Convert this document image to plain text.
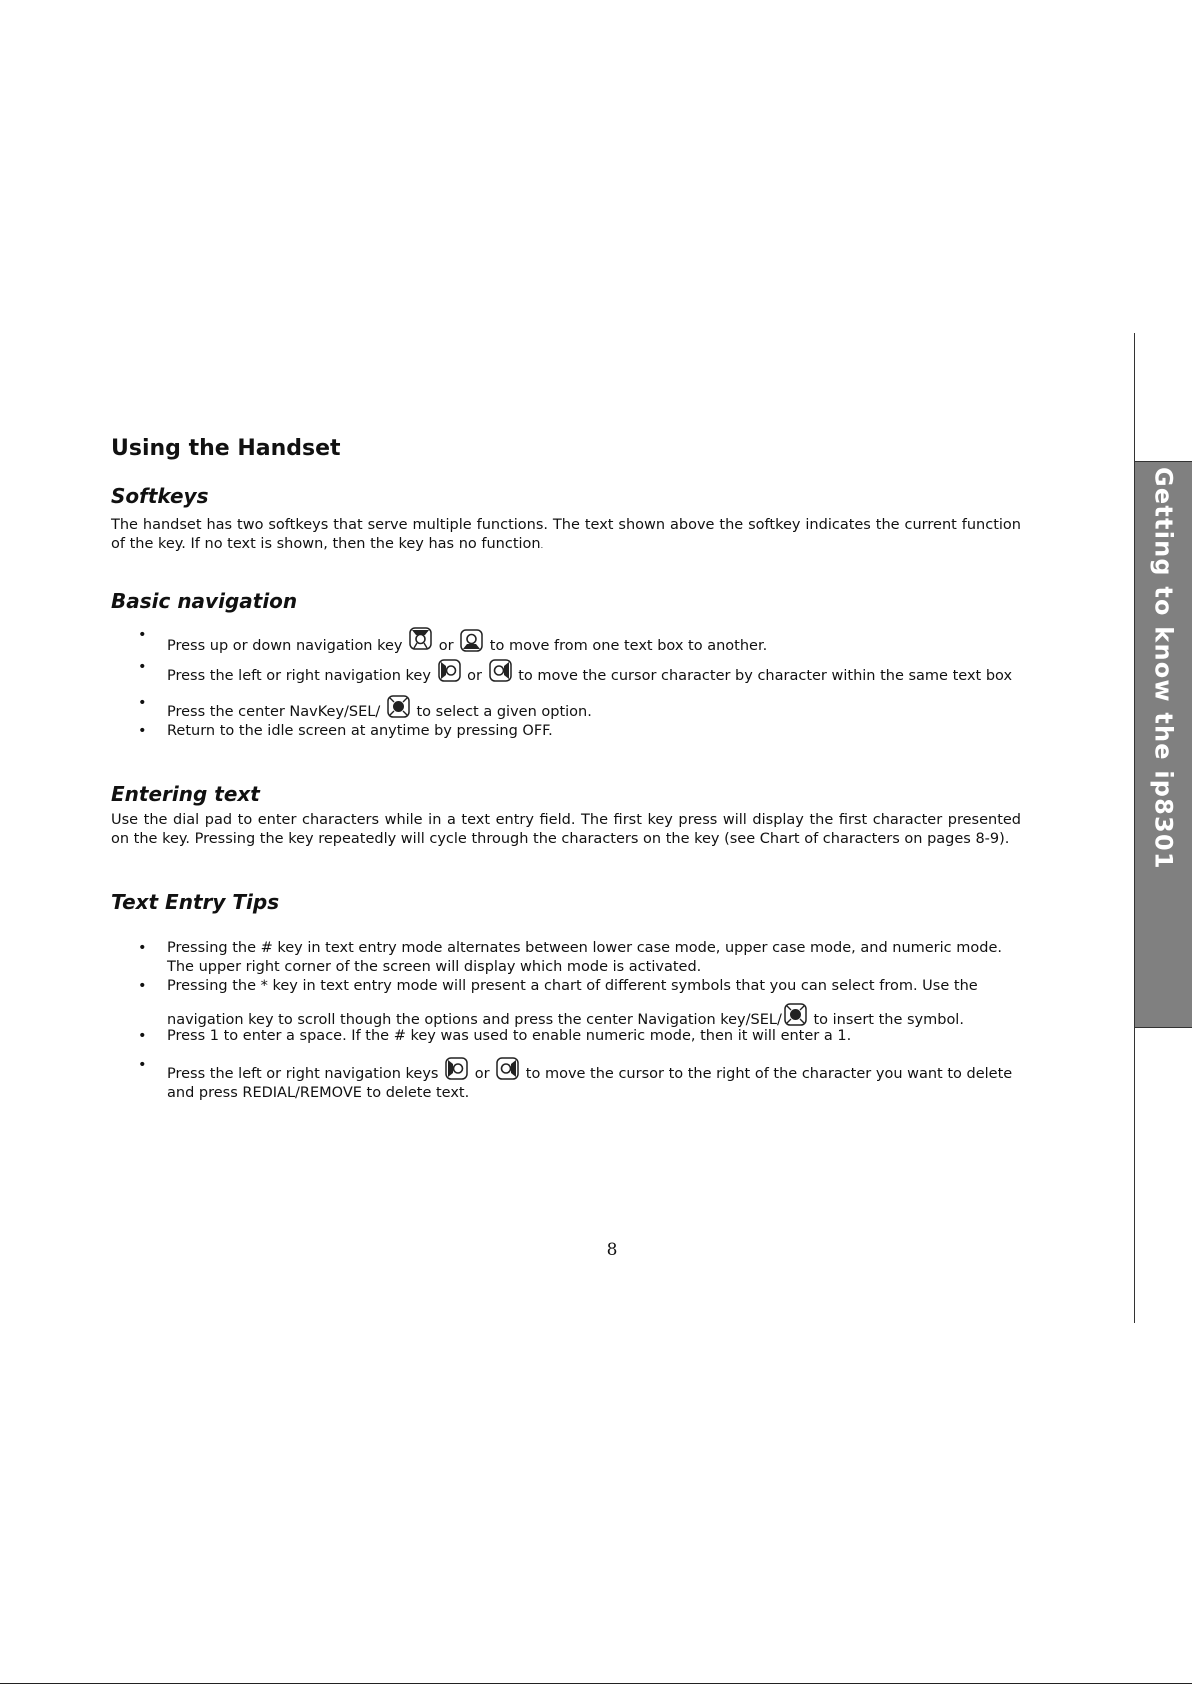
Getting to know the ip8301
Using the Handset
Softkeys

The handset has two softkeys that serve multiple functions. The text shown above the softkey indicates the current function of the key. If no text is shown, then the key has no function.

Basic navigation
•
Press up or down navigation key  or  to move from one text box to another.
•
Press the left or right navigation key  or  to move the cursor character by character within the same text box
•
Press the center NavKey/SEL/  to select a given option.
• Return to the idle screen at anytime by pressing OFF.
Entering text

Use the dial pad to enter characters while in a text entry field. The first key press will display the first character presented on the key. Pressing the key repeatedly will cycle through the characters on the key (see Chart of characters on pages 8-9).

Text Entry Tips
• Pressing the # key in text entry mode alternates between lower case mode, upper case mode, and numeric mode. The upper right corner of the screen will display which mode is activated.
• Pressing the * key in text entry mode will present a chart of different symbols that you can select from. Use the navigation key to scroll though the options and press the center Navigation key/SEL/ to insert the symbol.
• Press 1 to enter a space. If the # key was used to enable numeric mode, then it will enter a 1.
•
Press the left or right navigation keys  or  to move the cursor to the right of the character you want to delete and press REDIAL/REMOVE to delete text.
8
